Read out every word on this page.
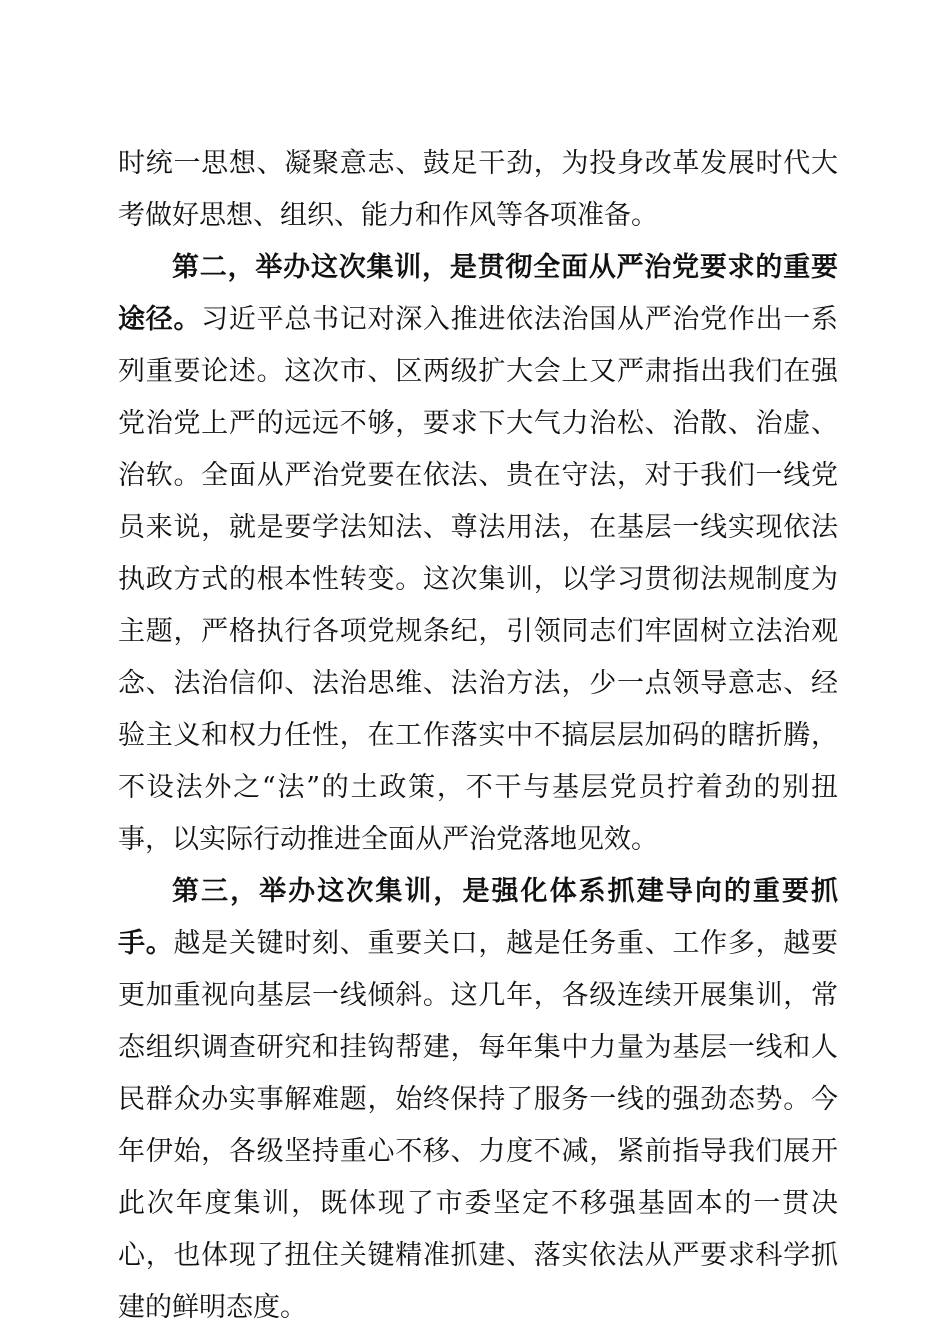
时统一思想、凝聚意志、鼓足干劲，为投身改革发展时代大考做好思想、组织、能力和作风等各项准备。

第二，举办这次集训，是贯彻全面从严治党要求的重要途径。习近平总书记对深入推进依法治国从严治党作出一系列重要论述。这次市、区两级扩大会上又严肃指出我们在强党治党上严的远远不够，要求下大气力治松、治散、治虚、治软。全面从严治党要在依法、贵在守法，对于我们一线党员来说，就是要学法知法、尊法用法，在基层一线实现依法执政方式的根本性转变。这次集训，以学习贯彻法规制度为主题，严格执行各项党规条纪，引领同志们牢固树立法治观念、法治信仰、法治思维、法治方法，少一点领导意志、经验主义和权力任性，在工作落实中不搞层层加码的瞎折腾，不设法外之“法”的土政策，不干与基层党员拧着劲的别扭事，以实际行动推进全面从严治党落地见效。

第三，举办这次集训，是强化体系抓建导向的重要抓手。越是关键时刻、重要关口，越是任务重、工作多，越要更加重视向基层一线倾斜。这几年，各级连续开展集训，常态组织调查研究和挂钩帮建，每年集中力量为基层一线和人民群众办实事解难题，始终保持了服务一线的强劲态势。今年伊始，各级坚持重心不移、力度不减，紧前指导我们展开此次年度集训，既体现了市委坚定不移强基固本的一贯决心，也体现了扭住关键精准抓建、落实依法从严要求科学抓建的鲜明态度。
